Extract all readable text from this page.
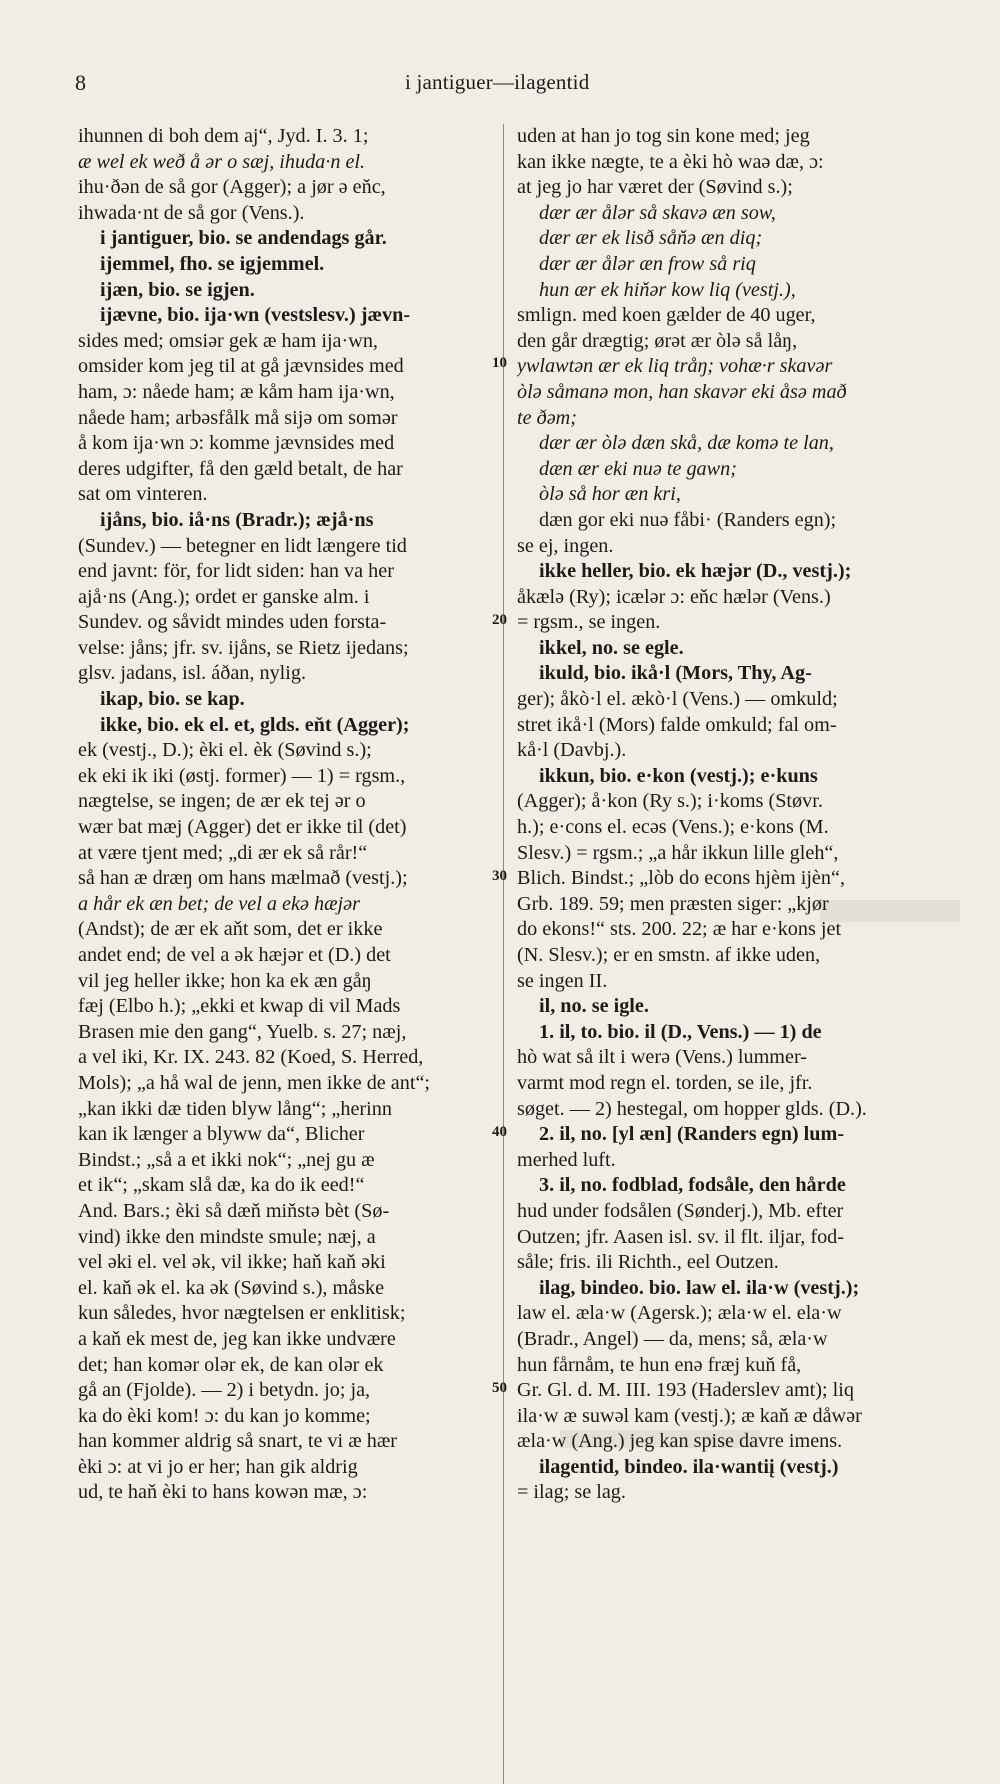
8	i jantiguer—ilagentid
10
20
30
40
50
ihunnen di boh dem aj“, Jyd. I. 3. 1;
æ wel ek weð å ər o sæj, ihuda·n el.
ihu·ðən de så gor (Agger); a jør ə eňc,
ihwada·nt de så gor (Vens.).
i jantiguer, bio. se andendags går.
ijemmel, fho. se igjemmel.
ijæn, bio. se igjen.
ijævne, bio. ija·wn (vestslesv.) jævn-
sides med; omsiər gek æ ham ija·wn,
omsider kom jeg til at gå jævnsides med
ham, ɔ: nåede ham; æ kåm ham ija·wn,
nåede ham; arbəsfålk må sijə om somər
å kom ija·wn ɔ: komme jævnsides med
deres udgifter, få den gæld betalt, de har
sat om vinteren.
ijåns, bio. iå·ns (Bradr.); æjå·ns
(Sundev.) — betegner en lidt længere tid
end javnt: för, for lidt siden: han va her
ajå·ns (Ang.); ordet er ganske alm. i
Sundev. og såvidt mindes uden forsta-
velse: jåns; jfr. sv. ijåns, se Rietz ijedans;
glsv. jadans, isl. áðan, nylig.
ikap, bio. se kap.
ikke, bio. ek el. et, glds. eňt (Agger);
ek (vestj., D.); èki el. èk (Søvind s.);
ek eki ik iki (østj. former) — 1) = rgsm.,
nægtelse, se ingen; de ær ek tej ər o
wær bat mæj (Agger) det er ikke til (det)
at være tjent med; „di ær ek så rår!“
så han æ dræŋ om hans mælmað (vestj.);
a hår ek æn bet; de vel a ekə hæjər
(Andst); de ær ek aňt som, det er ikke
andet end; de vel a ək hæjər et (D.) det
vil jeg heller ikke; hon ka ek æn gåŋ
fæj (Elbo h.); „ekki et kwap di vil Mads
Brasen mie den gang“, Yuelb. s. 27; næj,
a vel iki, Kr. IX. 243. 82 (Koed, S. Herred,
Mols); „a hå wal de jenn, men ikke de ant“;
„kan ikki dæ tiden blyw lång“; „herinn
kan ik længer a blyww da“, Blicher
Bindst.; „så a et ikki nok“; „nej gu æ
et ik“; „skam slå dæ, ka do ik eed!“
And. Bars.; èki så dæň miňstə bèt (Sø-
vind) ikke den mindste smule; næj, a
vel əki el. vel ək, vil ikke; haň kaň əki
el. kaň ək el. ka ək (Søvind s.), måske
kun således, hvor nægtelsen er enklitisk;
a kaň ek mest de, jeg kan ikke undvære
det; han komər olər ek, de kan olər ek
gå an (Fjolde). — 2) i betydn. jo; ja,
ka do èki kom! ɔ: du kan jo komme;
han kommer aldrig så snart, te vi æ hær
èki ɔ: at vi jo er her; han gik aldrig
ud, te haň èki to hans kowən mæ, ɔ:
uden at han jo tog sin kone med; jeg
kan ikke nægte, te a èki hò waə dæ, ɔ:
at jeg jo har været der (Søvind s.);
dær ær ålər så skavə æn sow,
dær ær ek lisð såňə æn diq;
dær ær ålər æn frow så riq
hun ær ek hiňər kow liq (vestj.),
smlign. med koen gælder de 40 uger,
den går drægtig; ørət ær òlə så låŋ,
ywlawtən ær ek liq tråŋ; vohæ·r skavər
òlə såmanə mon, han skavər eki åsə mað
te ðəm;
dær ær òlə dæn skå, dæ komə te lan,
dæn ær eki nuə te gawn;
òlə så hor æn kri,
dæn gor eki nuə fåbi· (Randers egn);
se ej, ingen.
ikke heller, bio. ek hæjər (D., vestj.);
åkælə (Ry); icælər ɔ: eňc hælər (Vens.)
= rgsm., se ingen.
ikkel, no. se egle.
ikuld, bio. ikå·l (Mors, Thy, Ag-
ger); åkò·l el. ækò·l (Vens.) — omkuld;
stret ikå·l (Mors) falde omkuld; fal om-
kå·l (Davbj.).
ikkun, bio. e·kon (vestj.); e·kuns
(Agger); å·kon (Ry s.); i·koms (Støvr.
h.); e·cons el. ecəs (Vens.); e·kons (M.
Slesv.) = rgsm.; „a hår ikkun lille gleh“,
Blich. Bindst.; „lòb do econs hjèm ijèn“,
Grb. 189. 59; men præsten siger: „kjør
do ekons!“ sts. 200. 22; æ har e·kons jet
(N. Slesv.); er en smstn. af ikke uden,
se ingen II.
il, no. se igle.
1. il, to. bio. il (D., Vens.) — 1) de
hò wat så ilt i werə (Vens.) lummer-
varmt mod regn el. torden, se ile, jfr.
søget. — 2) hestegal, om hopper glds. (D.).
2. il, no. [yl æn] (Randers egn) lum-
merhed luft.
3. il, no. fodblad, fodsåle, den hårde
hud under fodsålen (Sønderj.), Mb. efter
Outzen; jfr. Aasen isl. sv. il flt. iljar, fod-
såle; fris. ili Richth., eel Outzen.
ilag, bindeo. bio. law el. ila·w (vestj.);
law el. æla·w (Agersk.); æla·w el. ela·w
(Bradr., Angel) — da, mens; så, æla·w
hun fårnåm, te hun enə fræj kuň få,
Gr. Gl. d. M. III. 193 (Haderslev amt); liq
ila·w æ suwəl kam (vestj.); æ kaň æ dåwər
æla·w (Ang.) jeg kan spise davre imens.
ilagentid, bindeo. ila·wantiį (vestj.)
= ilag; se lag.
